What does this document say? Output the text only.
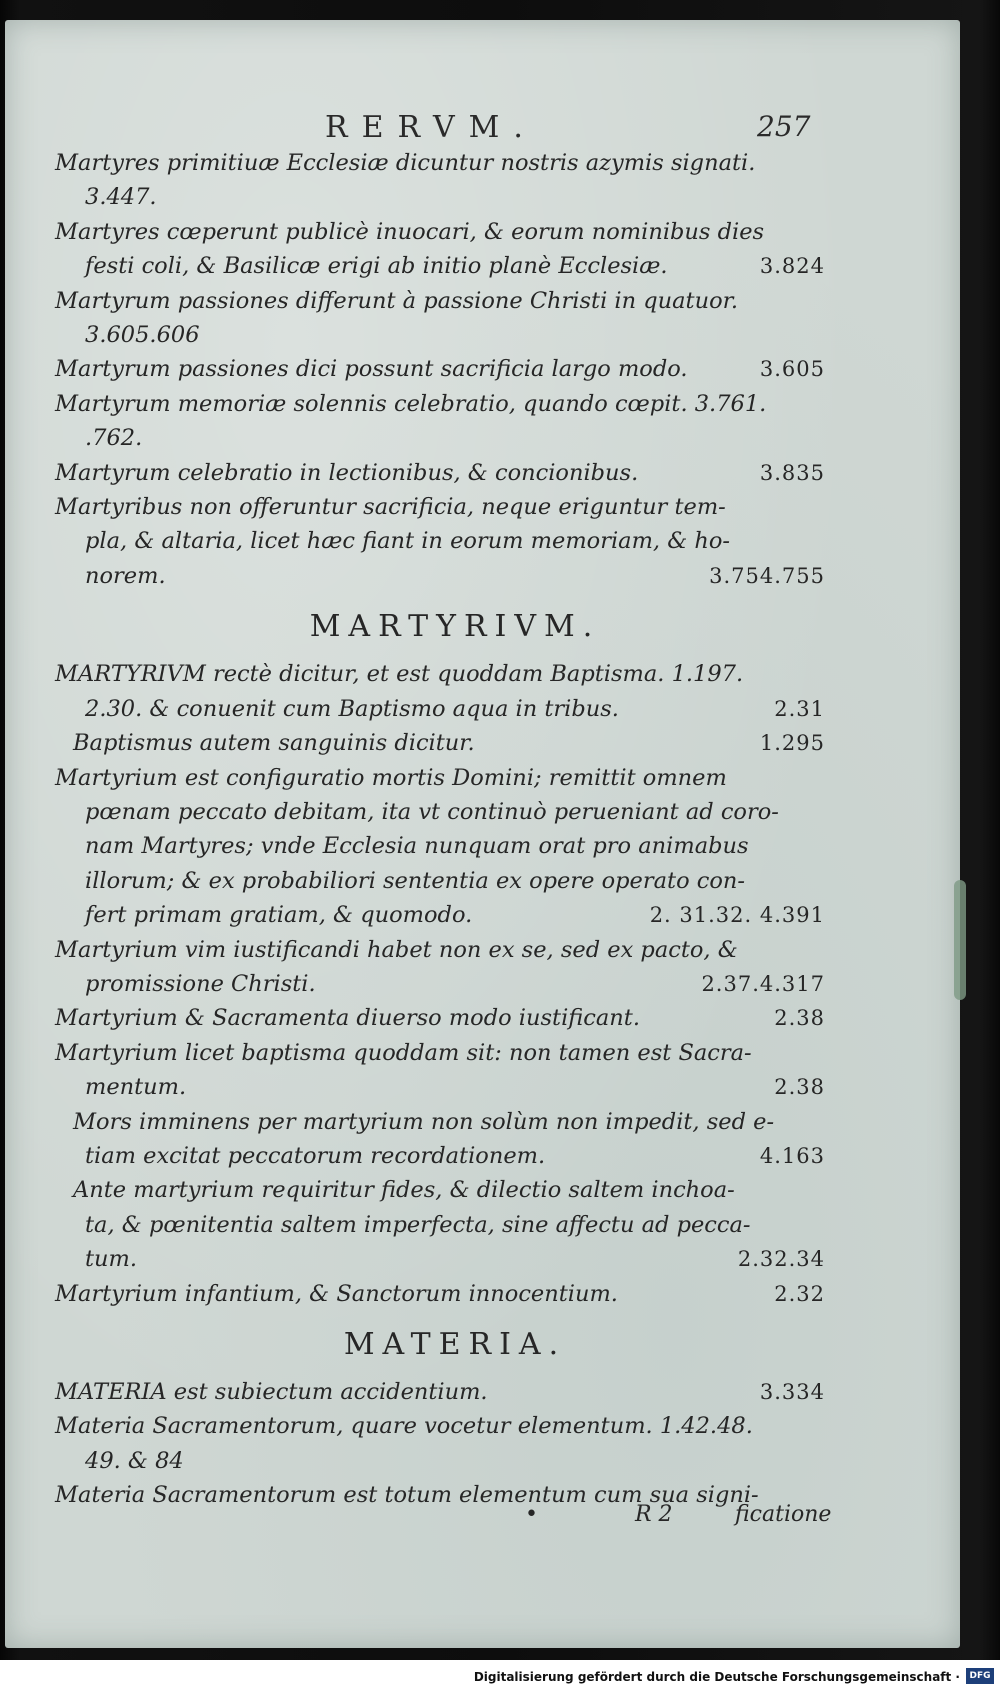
RERVM.	257
Martyres primitiuæ Ecclesiæ dicuntur nostris azymis signati.
3.447.
Martyres cœperunt publicè inuocari, & eorum nominibus dies
festi coli, & Basilicæ erigi ab initio planè Ecclesiæ.	3.824
Martyrum passiones differunt à passione Christi in quatuor.
3.605.606
Martyrum passiones dici possunt sacrificia largo modo.	3.605
Martyrum memoriæ solennis celebratio, quando cœpit. 3.761.
.762.
Martyrum celebratio in lectionibus, & concionibus.	3.835
Martyribus non offeruntur sacrificia, neque eriguntur tem-
pla, & altaria, licet hæc fiant in eorum memoriam, & ho-
norem.	3.754.755
MARTYRIVM.
MARTYRIVM rectè dicitur, et est quoddam Baptisma. 1.197.
2.30. & conuenit cum Baptismo aqua in tribus.	2.31
Baptismus autem sanguinis dicitur.	1.295
Martyrium est configuratio mortis Domini; remittit omnem
pœnam peccato debitam, ita vt continuò perueniant ad coro-
nam Martyres; vnde Ecclesia nunquam orat pro animabus
illorum; & ex probabiliori sententia ex opere operato con-
fert primam gratiam, & quomodo.	2. 31.32. 4.391
Martyrium vim iustificandi habet non ex se, sed ex pacto, &
promissione Christi.	2.37.4.317
Martyrium & Sacramenta diuerso modo iustificant.	2.38
Martyrium licet baptisma quoddam sit: non tamen est Sacra-
mentum.	2.38
Mors imminens per martyrium non solùm non impedit, sed e-
tiam excitat peccatorum recordationem.	4.163
Ante martyrium requiritur fides, & dilectio saltem inchoa-
ta, & pœnitentia saltem imperfecta, sine affectu ad pecca-
tum.	2.32.34
Martyrium infantium, & Sanctorum innocentium.	2.32
MATERIA.
MATERIA est subiectum accidentium.	3.334
Materia Sacramentorum, quare vocetur elementum. 1.42.48.
49. & 84
Materia Sacramentorum est totum elementum cum sua signi-
•	R 2	ficatione
Digitalisierung gefördert durch die Deutsche Forschungsgemeinschaft ·	DFG
